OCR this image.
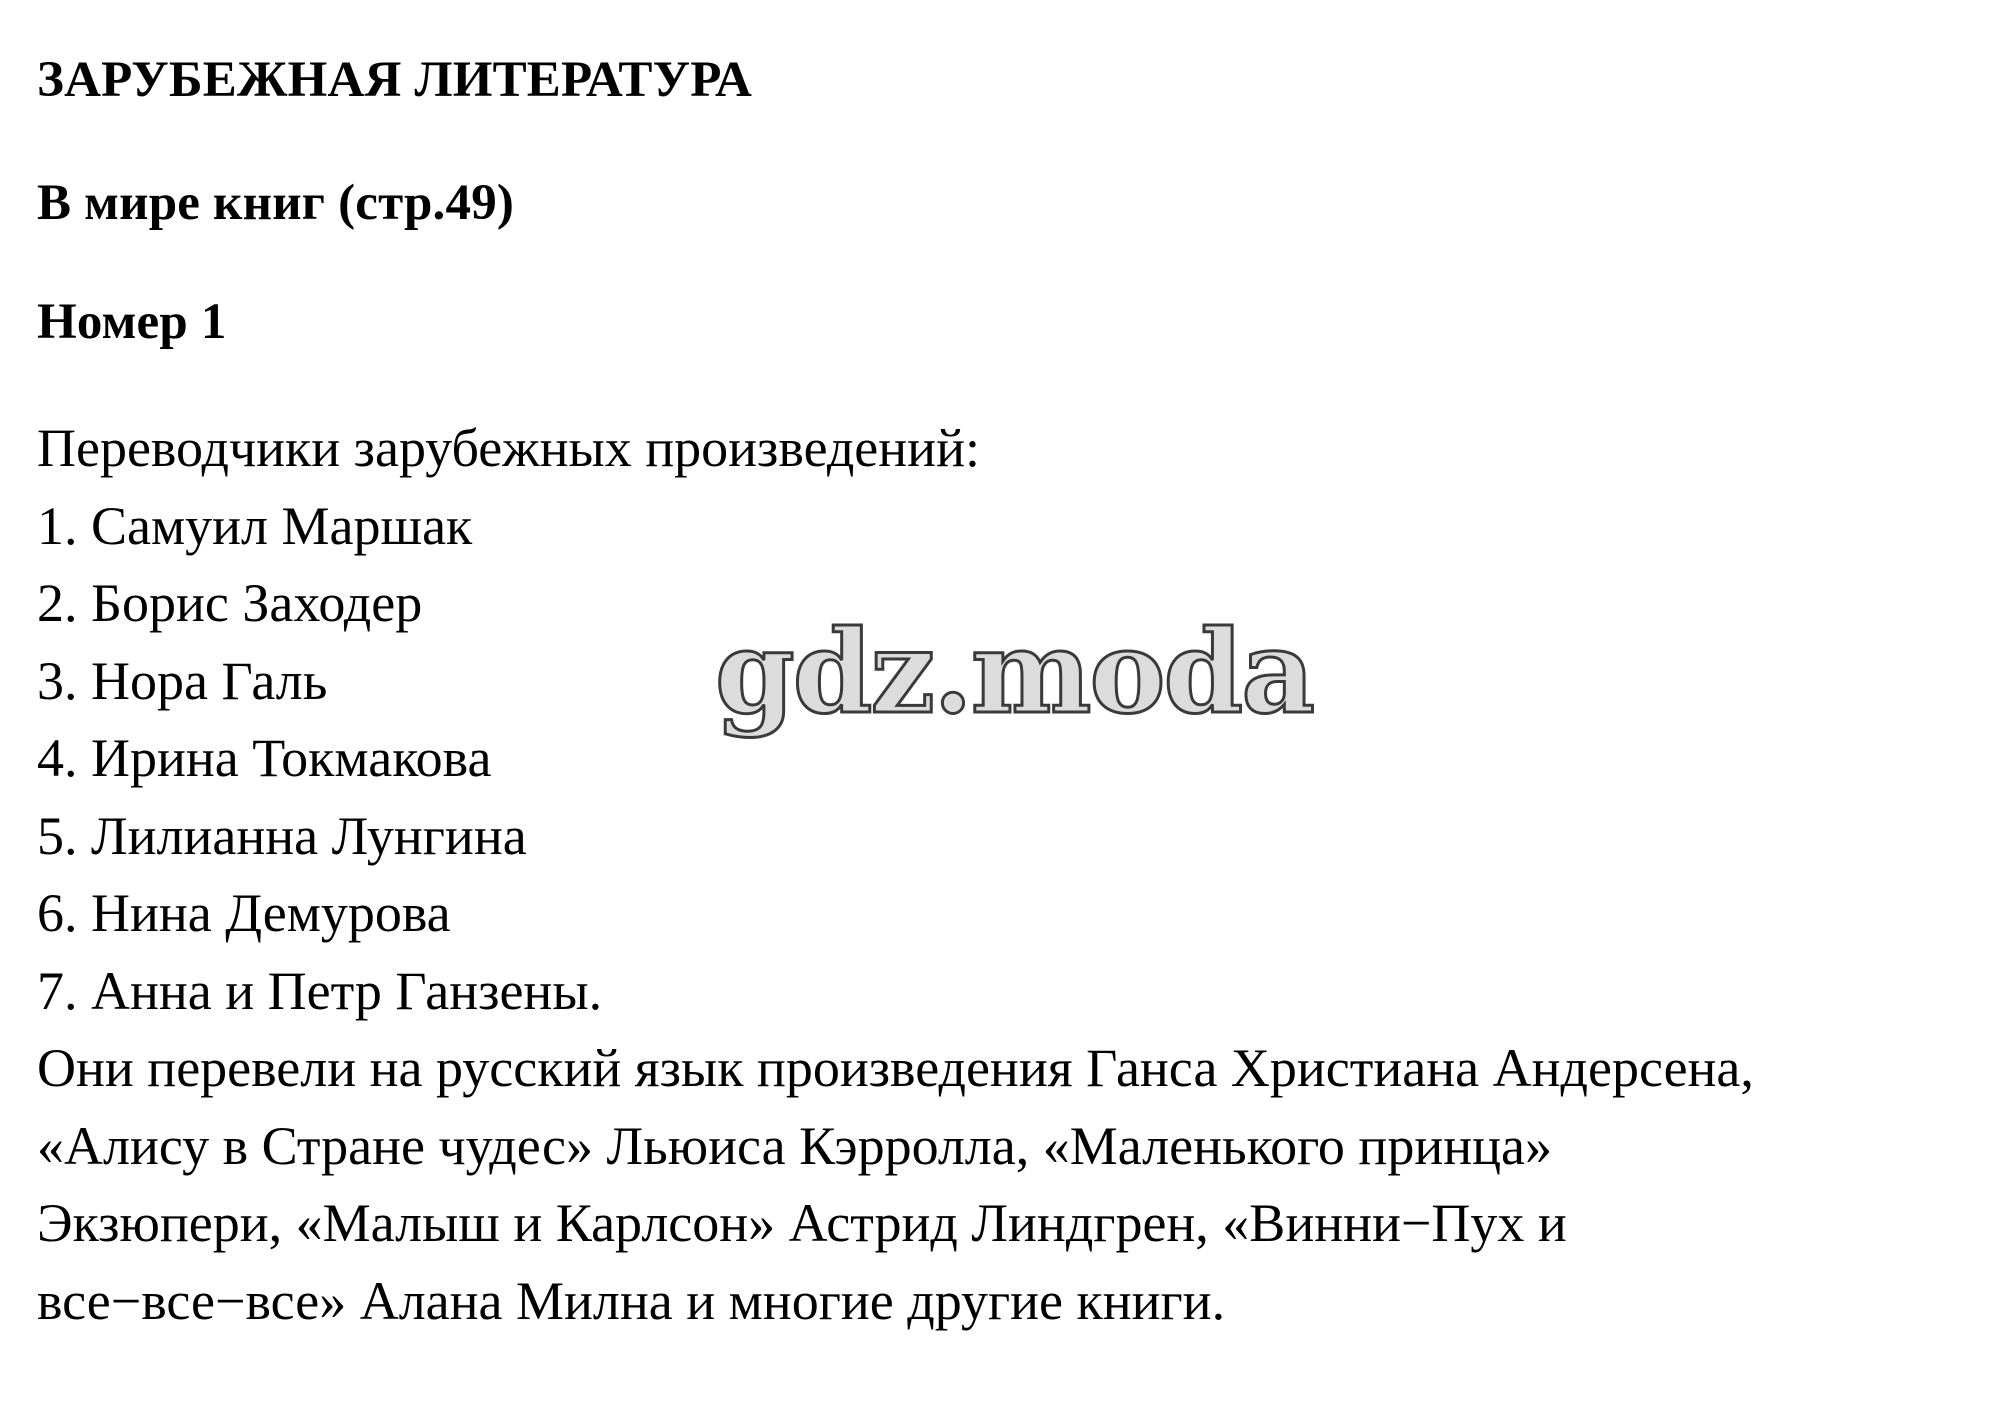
ЗАРУБЕЖНАЯ ЛИТЕРАТУРА
В мире книг (стр.49)
Номер 1
Переводчики зарубежных произведений:
1. Самуил Маршак
2. Борис Заходер
3. Нора Галь
4. Ирина Токмакова
5. Лилианна Лунгина
6. Нина Демурова
7. Анна и Петр Ганзены.
Они перевели на русский язык произведения Ганса Христиана Андерсена,
«Алису в Стране чудес» Льюиса Кэрролла, «Маленького принца»
Экзюпери, «Малыш и Карлсон» Астрид Линдгрен, «Винни−Пух и
все−все−все» Алана Милна и многие другие книги.
gdz.moda
